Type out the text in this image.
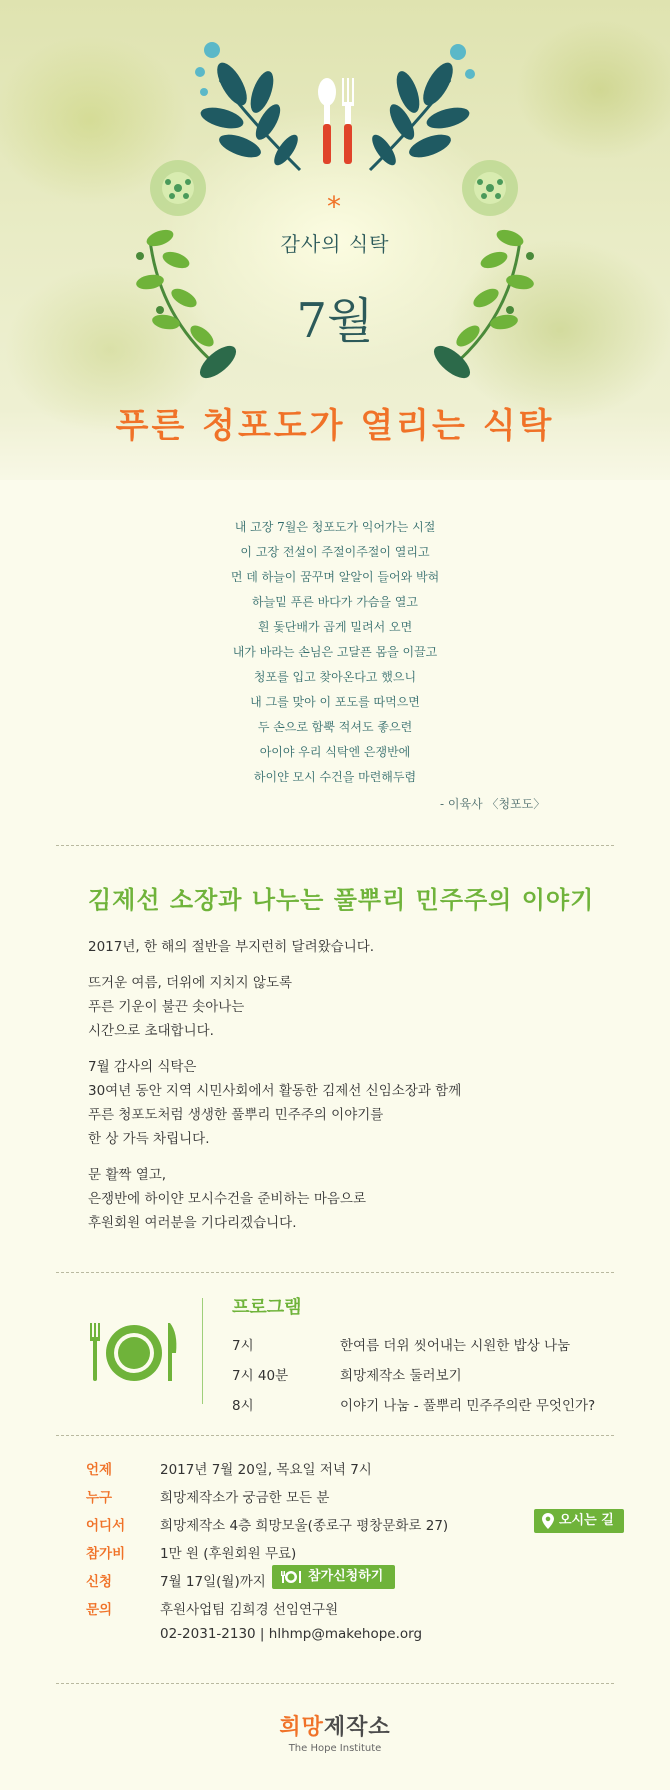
*
감사의 식탁
7월
푸른 청포도가 열리는 식탁
내 고장 7월은 청포도가 익어가는 시절
이 고장 전설이 주절이주절이 열리고
먼 데 하늘이 꿈꾸며 알알이 들어와 박혀
하늘밑 푸른 바다가 가슴을 열고
흰 돛단배가 곱게 밀려서 오면
내가 바라는 손님은 고달픈 몸을 이끌고
청포를 입고 찾아온다고 했으니
내 그를 맞아 이 포도를 따먹으면
두 손으로 함뿍 적셔도 좋으련
아이야 우리 식탁엔 은쟁반에
하이얀 모시 수건을 마련해두렴
- 이육사 〈청포도〉
김제선 소장과 나누는 풀뿌리 민주주의 이야기

2017년, 한 해의 절반을 부지런히 달려왔습니다.

뜨거운 여름, 더위에 지치지 않도록
푸른 기운이 불끈 솟아나는
시간으로 초대합니다.

7월 감사의 식탁은
30여년 동안 지역 시민사회에서 활동한 김제선 신임소장과 함께
푸른 청포도처럼 생생한 풀뿌리 민주주의 이야기를
한 상 가득 차립니다.

문 활짝 열고,
은쟁반에 하이얀 모시수건을 준비하는 마음으로
후원회원 여러분을 기다리겠습니다.

프로그램
7시	한여름 더위 씻어내는 시원한 밥상 나눔
7시 40분	희망제작소 둘러보기
8시	이야기 나눔 - 풀뿌리 민주주의란 무엇인가?
언제	2017년 7월 20일, 목요일 저녁 7시
누구	희망제작소가 궁금한 모든 분
어디서	희망제작소 4층 희망모울(종로구 평창문화로 27)	오시는 길
참가비	1만 원 (후원회원 무료)
신청	7월 17일(월)까지	참가신청하기
문의	후원사업팀 김희경 선임연구원
02-2031-2130 | hlhmp@makehope.org
희망제작소
The Hope Institute
